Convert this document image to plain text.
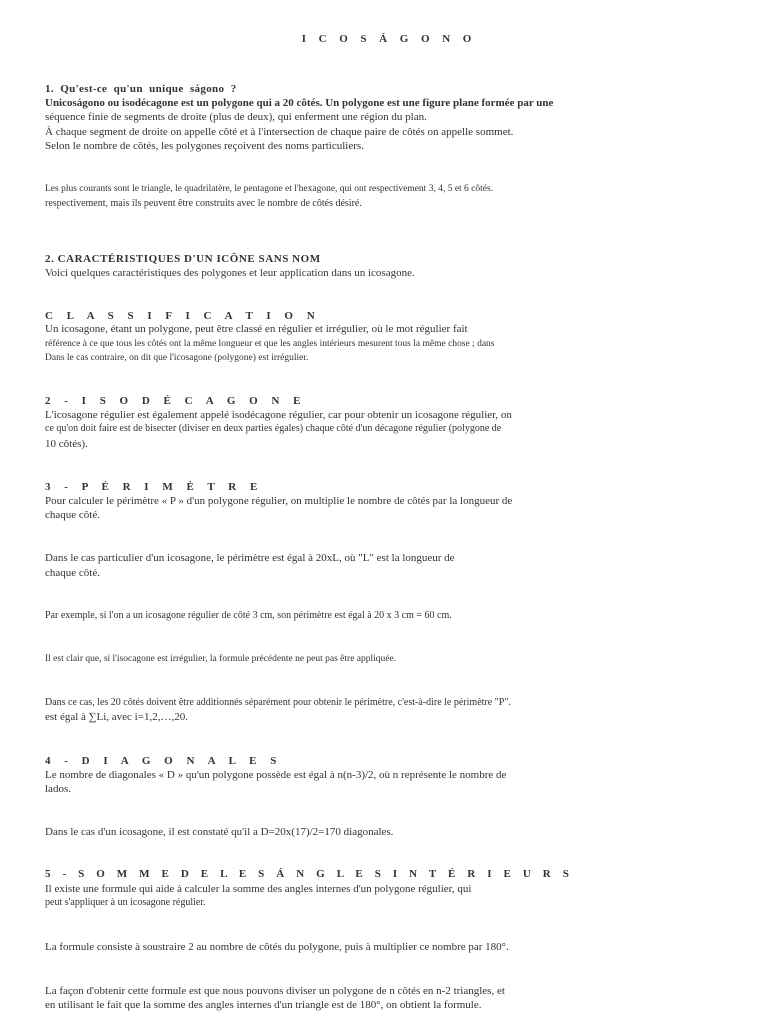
I C O S Á G O N O

1. Qu'est-ce qu'un unique ságono ?

Unicoságono ou isodécagone est un polygone qui a 20 côtés. Un polygone est une figure plane formée par une

séquence finie de segments de droite (plus de deux), qui enferment une région du plan.

À chaque segment de droite on appelle côté et à l'intersection de chaque paire de côtés on appelle sommet.

Selon le nombre de côtés, les polygones reçoivent des noms particuliers.

Les plus courants sont le triangle, le quadrilatère, le pentagone et l'hexagone, qui ont respectivement 3, 4, 5 et 6 côtés.

respectivement, mais ils peuvent être construits avec le nombre de côtés désiré.

2. CARACTÉRISTIQUES D'UN ICÔNE SANS NOM

Voici quelques caractéristiques des polygones et leur application dans un icosagone.

C L A S S I F I C A T I O N

Un icosagone, étant un polygone, peut être classé en régulier et irrégulier, où le mot régulier fait

référence à ce que tous les côtés ont la même longueur et que les angles intérieurs mesurent tous la même chose ; dans

Dans le cas contraire, on dit que l'icosagone (polygone) est irrégulier.

2 - I S O D É C A G O N E

L'icosagone régulier est également appelé isodécagone régulier, car pour obtenir un icosagone régulier, on

ce qu'on doit faire est de bisecter (diviser en deux parties égales) chaque côté d'un décagone régulier (polygone de

10 côtés).

3 - P É R I M È T R E

Pour calculer le périmètre « P » d'un polygone régulier, on multiplie le nombre de côtés par la longueur de

chaque côté.

Dans le cas particulier d'un icosagone, le périmètre est égal à 20xL, où "L" est la longueur de

chaque côté.

Par exemple, si l'on a un icosagone régulier de côté 3 cm, son périmètre est égal à 20 x 3 cm = 60 cm.

Il est clair que, si l'isocagone est irrégulier, la formule précédente ne peut pas être appliquée.

Dans ce cas, les 20 côtés doivent être additionnés séparément pour obtenir le périmètre, c'est-à-dire le périmètre "P".

est égal à ∑Li, avec i=1,2,…,20.

4 - D I A G O N A L E S

Le nombre de diagonales « D » qu'un polygone possède est égal à n(n-3)/2, où n représente le nombre de

lados.

Dans le cas d'un icosagone, il est constaté qu'il a D=20x(17)/2=170 diagonales.

5 - S O M M E D E L E S Á N G L E S I N T É R I E U R S

Il existe une formule qui aide à calculer la somme des angles internes d'un polygone régulier, qui

peut s'appliquer à un icosagone régulier.

La formule consiste à soustraire 2 au nombre de côtés du polygone, puis à multiplier ce nombre par 180°.

La façon d'obtenir cette formule est que nous pouvons diviser un polygone de n côtés en n-2 triangles, et

en utilisant le fait que la somme des angles internes d'un triangle est de 180°, on obtient la formule.
